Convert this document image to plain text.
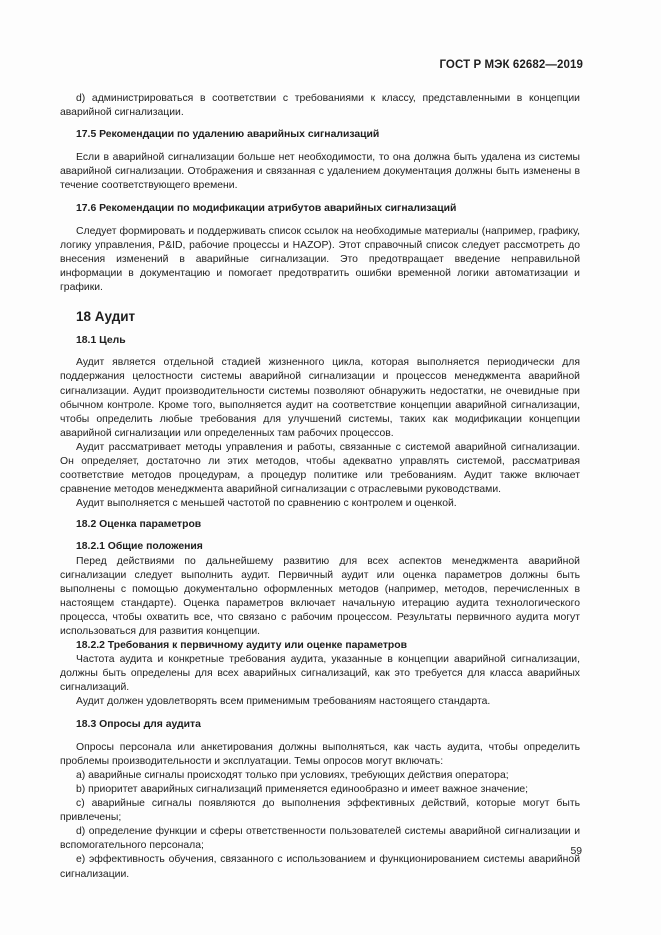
ГОСТ Р МЭК 62682—2019

d) администрироваться в соответствии с требованиями к классу, представленными в концепции аварийной сигнализации.

17.5 Рекомендации по удалению аварийных сигнализаций

Если в аварийной сигнализации больше нет необходимости, то она должна быть удалена из системы аварийной сигнализации. Отображения и связанная с удалением документация должны быть изменены в течение соответствующего времени.

17.6 Рекомендации по модификации атрибутов аварийных сигнализаций

Следует формировать и поддерживать список ссылок на необходимые материалы (например, графику, логику управления, P&ID, рабочие процессы и HAZOP). Этот справочный список следует рассмотреть до внесения изменений в аварийные сигнализации. Это предотвращает введение неправильной информации в документацию и помогает предотвратить ошибки временной логики автоматизации и графики.

18 Аудит
18.1 Цель

Аудит является отдельной стадией жизненного цикла, которая выполняется периодически для поддержания целостности системы аварийной сигнализации и процессов менеджмента аварийной сигнализации. Аудит производительности системы позволяют обнаружить недостатки, не очевидные при обычном контроле. Кроме того, выполняется аудит на соответствие концепции аварийной сигнализации, чтобы определить любые требования для улучшений системы, таких как модификации концепции аварийной сигнализации или определенных там рабочих процессов.

Аудит рассматривает методы управления и работы, связанные с системой аварийной сигнализации. Он определяет, достаточно ли этих методов, чтобы адекватно управлять системой, рассматривая соответствие методов процедурам, а процедур политике или требованиям. Аудит также включает сравнение методов менеджмента аварийной сигнализации с отраслевыми руководствами.

Аудит выполняется с меньшей частотой по сравнению с контролем и оценкой.

18.2 Оценка параметров
18.2.1 Общие положения

Перед действиями по дальнейшему развитию для всех аспектов менеджмента аварийной сигнализации следует выполнить аудит. Первичный аудит или оценка параметров должны быть выполнены с помощью документально оформленных методов (например, методов, перечисленных в настоящем стандарте). Оценка параметров включает начальную итерацию аудита технологического процесса, чтобы охватить все, что связано с рабочим процессом. Результаты первичного аудита могут использоваться для развития концепции.

18.2.2 Требования к первичному аудиту или оценке параметров

Частота аудита и конкретные требования аудита, указанные в концепции аварийной сигнализации, должны быть определены для всех аварийных сигнализаций, как это требуется для класса аварийных сигнализаций.

Аудит должен удовлетворять всем применимым требованиям настоящего стандарта.

18.3 Опросы для аудита

Опросы персонала или анкетирования должны выполняться, как часть аудита, чтобы определить проблемы производительности и эксплуатации. Темы опросов могут включать:

а) аварийные сигналы происходят только при условиях, требующих действия оператора;

b) приоритет аварийных сигнализаций применяется единообразно и имеет важное значение;

с) аварийные сигналы появляются до выполнения эффективных действий, которые могут быть привлечены;

d) определение функции и сферы ответственности пользователей системы аварийной сигнализации и вспомогательного персонала;

е) эффективность обучения, связанного с использованием и функционированием системы аварийной сигнализации.

59
